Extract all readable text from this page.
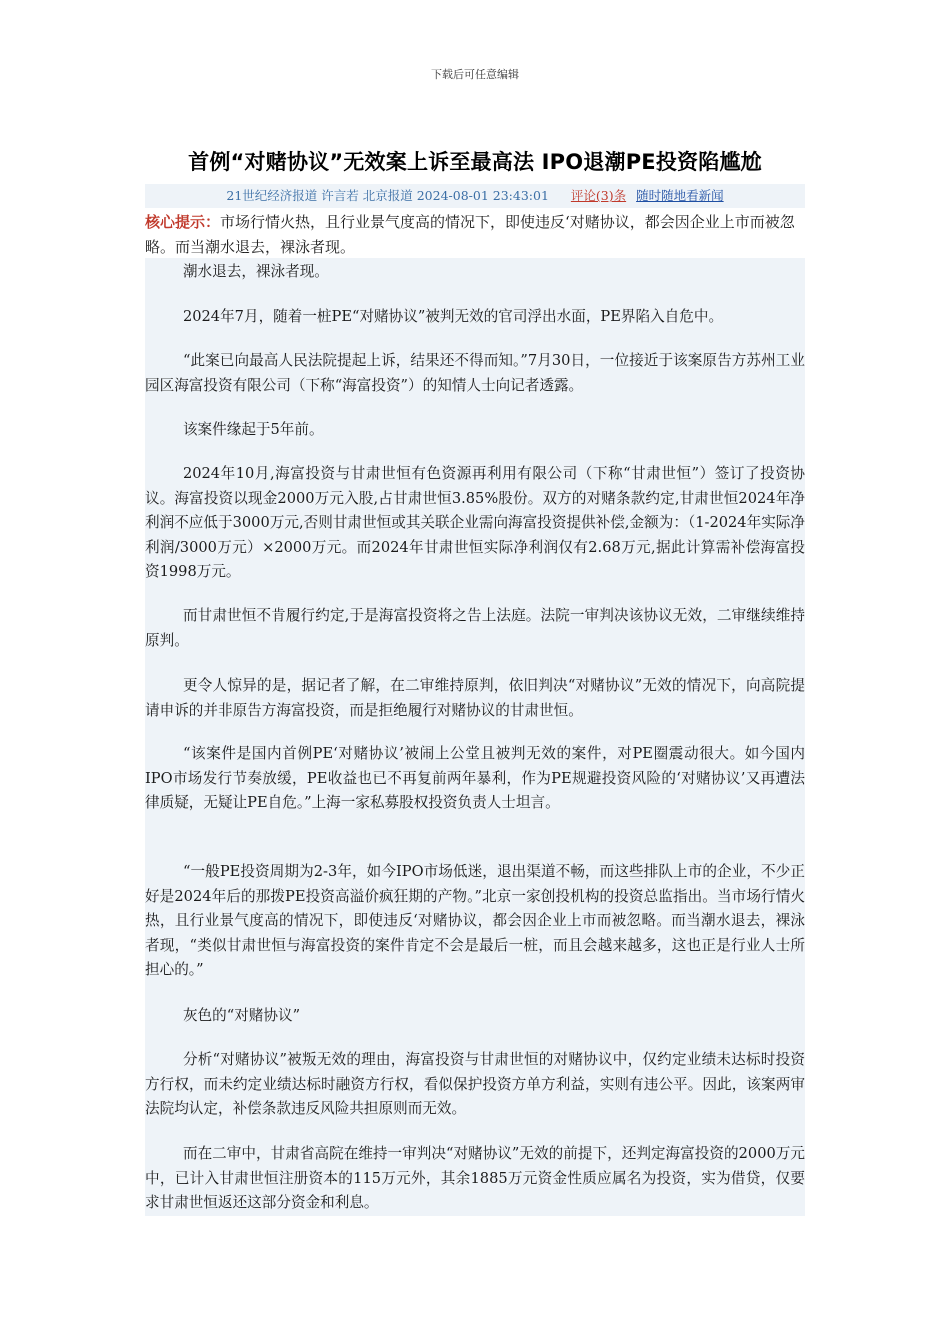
下载后可任意编辑
首例“对赌协议”无效案上诉至最高法 IPO退潮PE投资陷尴尬
21世纪经济报道 许言若 北京报道 2024-08-01 23:43:01 评论(3)条 随时随地看新闻
核心提示：市场行情火热，且行业景气度高的情况下，即使违反‘对赌协议，都会因企业上市而被忽略。而当潮水退去，裸泳者现。

潮水退去，裸泳者现。

2024年7月，随着一桩PE“对赌协议”被判无效的官司浮出水面，PE界陷入自危中。

“此案已向最高人民法院提起上诉，结果还不得而知。”7月30日，一位接近于该案原告方苏州工业园区海富投资有限公司（下称“海富投资”）的知情人士向记者透露。

该案件缘起于5年前。

2024年10月,海富投资与甘肃世恒有色资源再利用有限公司（下称“甘肃世恒”）签订了投资协议。海富投资以现金2000万元入股,占甘肃世恒3.85%股份。双方的对赌条款约定,甘肃世恒2024年净利润不应低于3000万元,否则甘肃世恒或其关联企业需向海富投资提供补偿,金额为：（1-2024年实际净利润/3000万元）×2000万元。而2024年甘肃世恒实际净利润仅有2.68万元,据此计算需补偿海富投资1998万元。

而甘肃世恒不肯履行约定,于是海富投资将之告上法庭。法院一审判决该协议无效，二审继续维持原判。

更令人惊异的是，据记者了解，在二审维持原判，依旧判决“对赌协议”无效的情况下，向高院提请申诉的并非原告方海富投资，而是拒绝履行对赌协议的甘肃世恒。

“该案件是国内首例PE‘对赌协议’被闹上公堂且被判无效的案件，对PE圈震动很大。如今国内IPO市场发行节奏放缓，PE收益也已不再复前两年暴利，作为PE规避投资风险的‘对赌协议’又再遭法律质疑，无疑让PE自危。”上海一家私募股权投资负责人士坦言。

“一般PE投资周期为2-3年，如今IPO市场低迷，退出渠道不畅，而这些排队上市的企业，不少正好是2024年后的那拨PE投资高溢价疯狂期的产物。”北京一家创投机构的投资总监指出。当市场行情火热，且行业景气度高的情况下，即使违反‘对赌协议，都会因企业上市而被忽略。而当潮水退去，裸泳者现，“类似甘肃世恒与海富投资的案件肯定不会是最后一桩，而且会越来越多，这也正是行业人士所担心的。”

灰色的“对赌协议”

分析“对赌协议”被叛无效的理由，海富投资与甘肃世恒的对赌协议中，仅约定业绩未达标时投资方行权，而未约定业绩达标时融资方行权，看似保护投资方单方利益，实则有违公平。因此，该案两审法院均认定，补偿条款违反风险共担原则而无效。

而在二审中，甘肃省高院在维持一审判决“对赌协议”无效的前提下，还判定海富投资的2000万元中，已计入甘肃世恒注册资本的115万元外，其余1885万元资金性质应属名为投资，实为借贷，仅要求甘肃世恒返还这部分资金和利息。
